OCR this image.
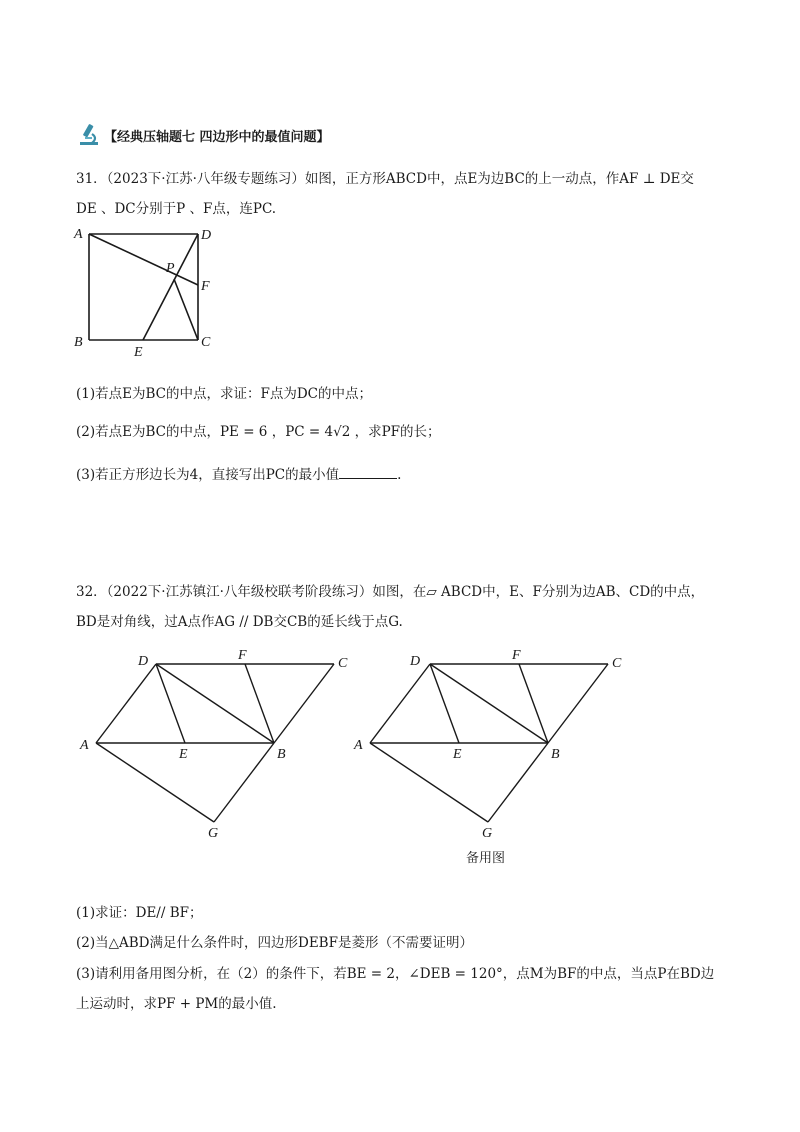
【经典压轴题七 四边形中的最值问题】
31．（2023下·江苏·八年级专题练习）如图，正方形ABCD中，点E为边BC的上一动点，作AF ⊥ DE交
DE 、DC分别于P 、F点，连PC.
A	D
P
F
B
E
C
(1)若点E为BC的中点，求证：F点为DC的中点；
(2)若点E为BC的中点，PE = 6 ，PC = 4√2 ，求PF的长；
(3)若正方形边长为4，直接写出PC的最小值	.
32．（2022下·江苏镇江·八年级校联考阶段练习）如图，在▱ ABCD中，E、F分别为边AB、CD的中点，
BD是对角线，过A点作AG // DB交CB的延长线于点G.
D	F
C
A
E	B
G
D	F
C
A
E	B
G
备用图
(1)求证：DE// BF；
(2)当△ABD满足什么条件时，四边形DEBF是菱形（不需要证明）
(3)请利用备用图分析，在（2）的条件下，若BE = 2，∠DEB = 120°，点M为BF的中点，当点P在BD边
上运动时，求PF + PM的最小值.
